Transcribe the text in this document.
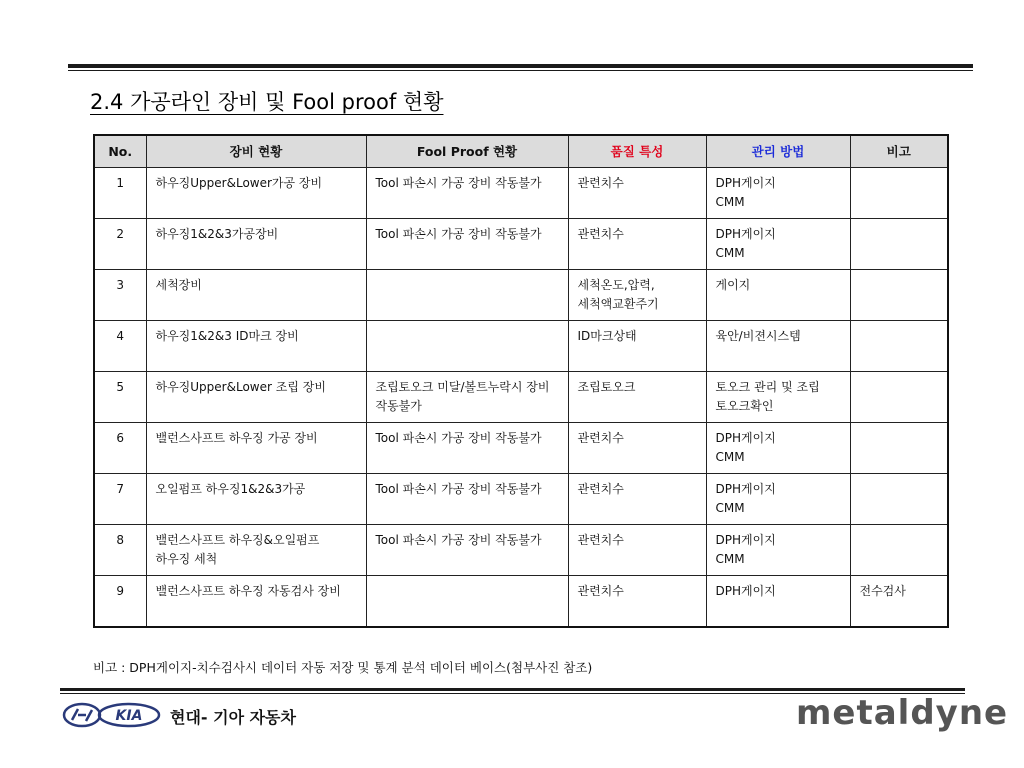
2.4 가공라인 장비 및 Fool proof 현황
No.	장비 현황	Fool Proof 현황	품질 특성	관리 방법	비고
1	하우징Upper&Lower가공 장비	Tool 파손시 가공 장비 작동불가	관련치수	DPH게이지
CMM	

2	하우징1&2&3가공장비	Tool 파손시 가공 장비 작동불가	관련치수	DPH게이지
CMM	

3	세척장비		세척온도,압력, 세척액교환주기	게이지	

4	하우징1&2&3 ID마크 장비		ID마크상태	육안/비젼시스템	

5	하우징Upper&Lower 조립 장비	조립토오크 미달/볼트누락시 장비 작동불가	조립토오크	토오크 관리 및 조립 토오크확인	

6	밸런스사프트 하우징 가공 장비	Tool 파손시 가공 장비 작동불가	관련치수	DPH게이지
CMM	

7	오일펌프 하우징1&2&3가공	Tool 파손시 가공 장비 작동불가	관련치수	DPH게이지
CMM	

8	밸런스사프트 하우징&오일펌프 하우징 세척	Tool 파손시 가공 장비 작동불가	관련치수	DPH게이지
CMM	

9	밸런스사프트 하우징 자동검사 장비		관련치수	DPH게이지	전수검사
비고 : DPH게이지-치수검사시 데이터 자동 저장 및 통계 분석 데이터 베이스(첨부사진 참조)
KIA 현대- 기아 자동차	metaldyne
